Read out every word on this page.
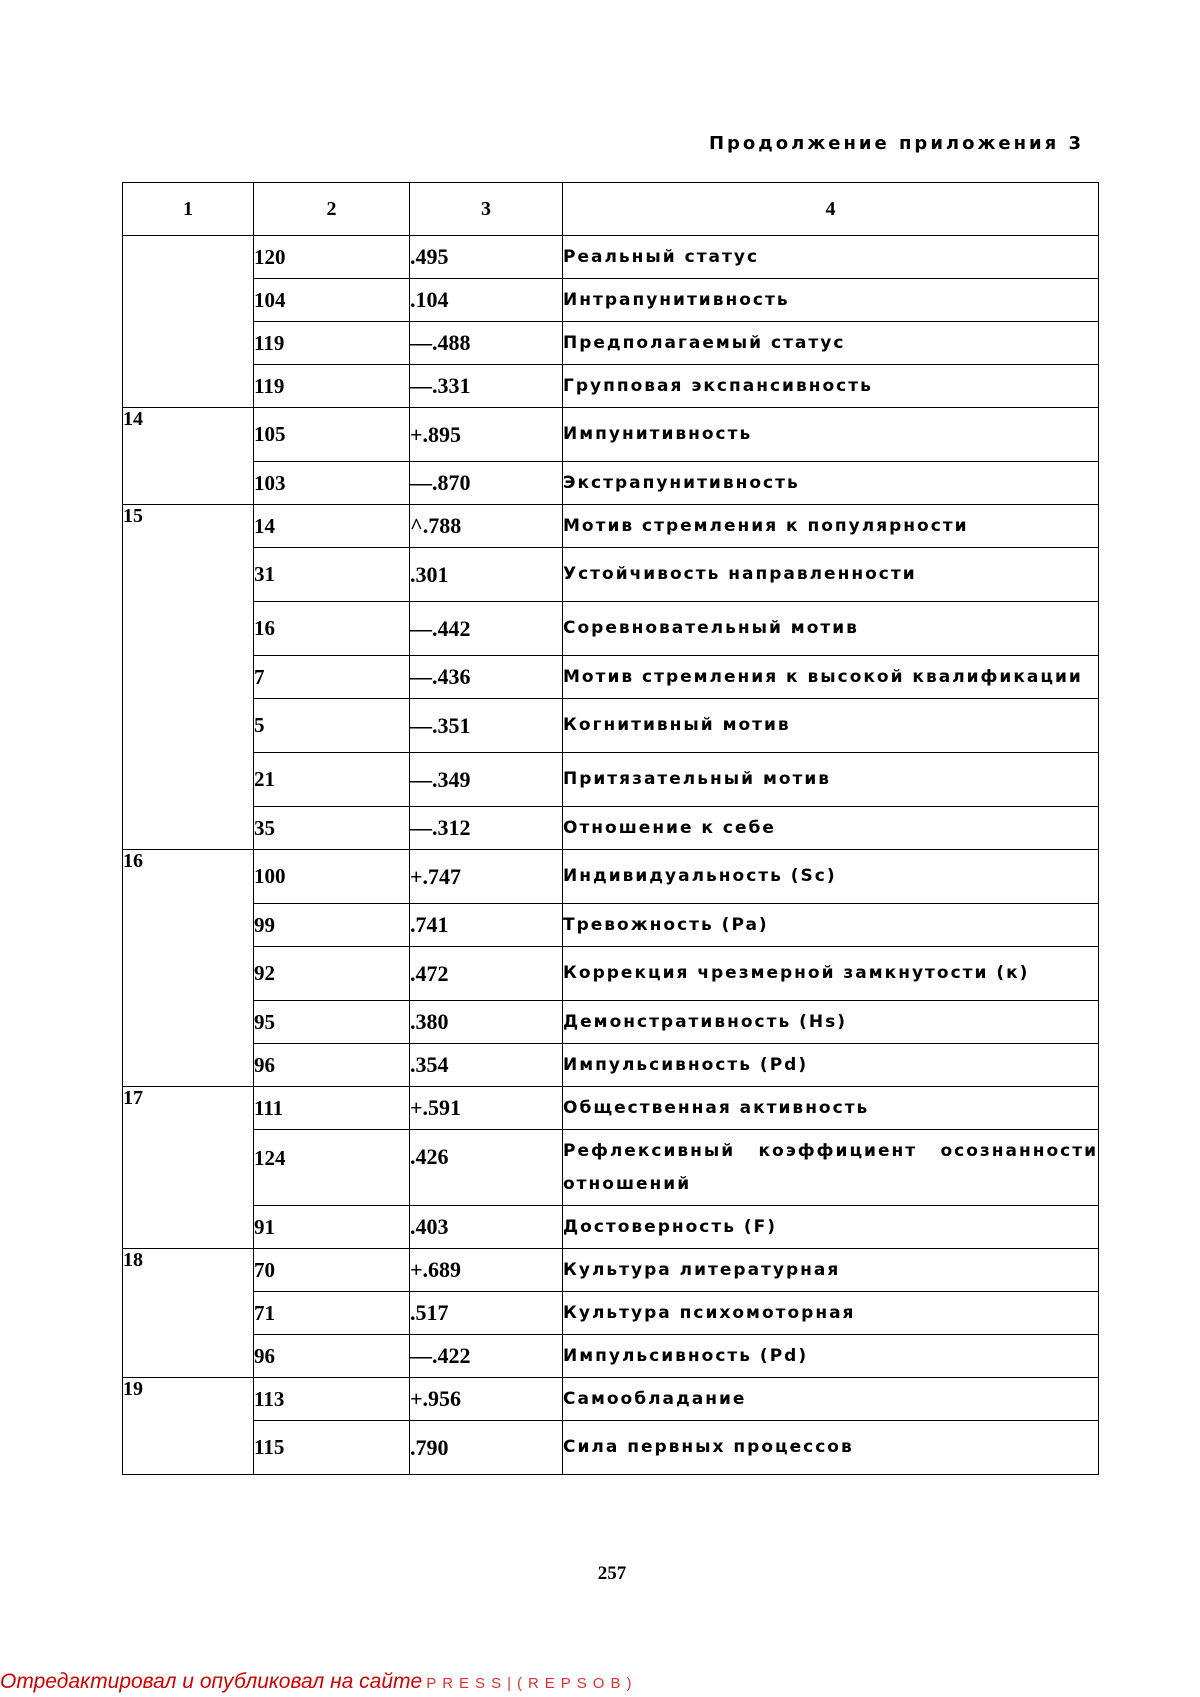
Продолжение приложения 3
1	2	3	4
	120	.495	Реальный статус
	104	.104	Интрапунитивность
	119	—.488	Предполагаемый статус
	119	—.331	Групповая экспансивность
14	105	+.895	Импунитивность
	103	—.870	Экстрапунитивность
15	14	^.788	Мотив стремления к популярности
	31	.301	Устойчивость направленности
	16	—.442	Соревновательный мотив
	7	—.436	Мотив стремления к высокой квалификации
	5	—.351	Когнитивный мотив
	21	—.349	Притязательный мотив
	35	—.312	Отношение к себе
16	100	+.747	Индивидуальность (Sc)
	99	.741	Тревожность (Pa)
	92	.472	Коррекция чрезмерной замкнутости (к)
	95	.380	Демонстративность (Hs)
	96	.354	Импульсивность (Pd)
17	111	+.591	Общественная активность
	124	.426	Рефлексивный коэффициент осознанности отношений
	91	.403	Достоверность (F)
18	70	+.689	Культура литературная
	71	.517	Культура психомоторная
	96	—.422	Импульсивность (Pd)
19	113	+.956	Самообладание
	115	.790	Сила первных процессов
257
Отредактировал и опубликовал на сайте PRESS|(REPSOB)
